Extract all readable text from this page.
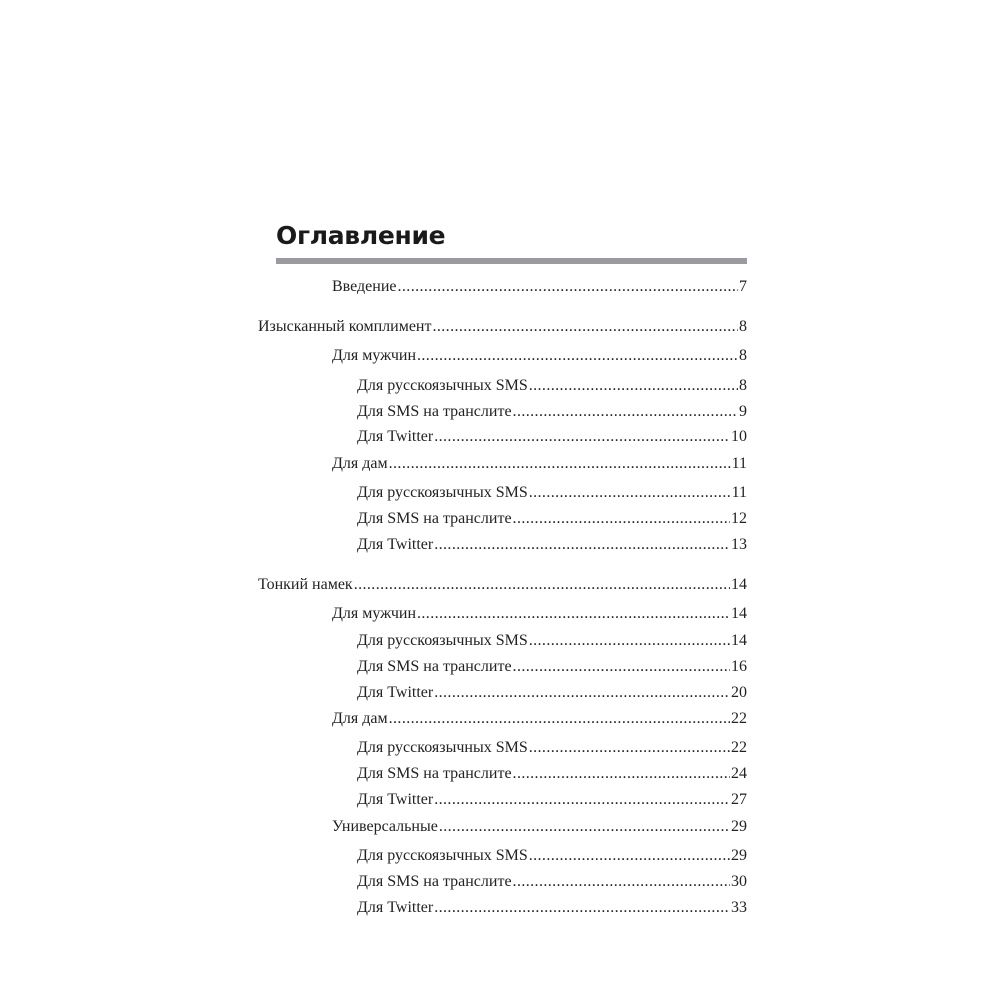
Оглавление
Введение .....	7
Изысканный комплимент .....	8
Для мужчин .....	8
Для русскоязычных SMS .....	8
Для SMS на транслите .....	9
Для Twitter .....	10
Для дам .....	11
Для русскоязычных SMS .....	11
Для SMS на транслите .....	12
Для Twitter .....	13
Тонкий намек .....	14
Для мужчин .....	14
Для русскоязычных SMS .....	14
Для SMS на транслите .....	16
Для Twitter .....	20
Для дам .....	22
Для русскоязычных SMS .....	22
Для SMS на транслите .....	24
Для Twitter .....	27
Универсальные .....	29
Для русскоязычных SMS .....	29
Для SMS на транслите .....	30
Для Twitter .....	33
